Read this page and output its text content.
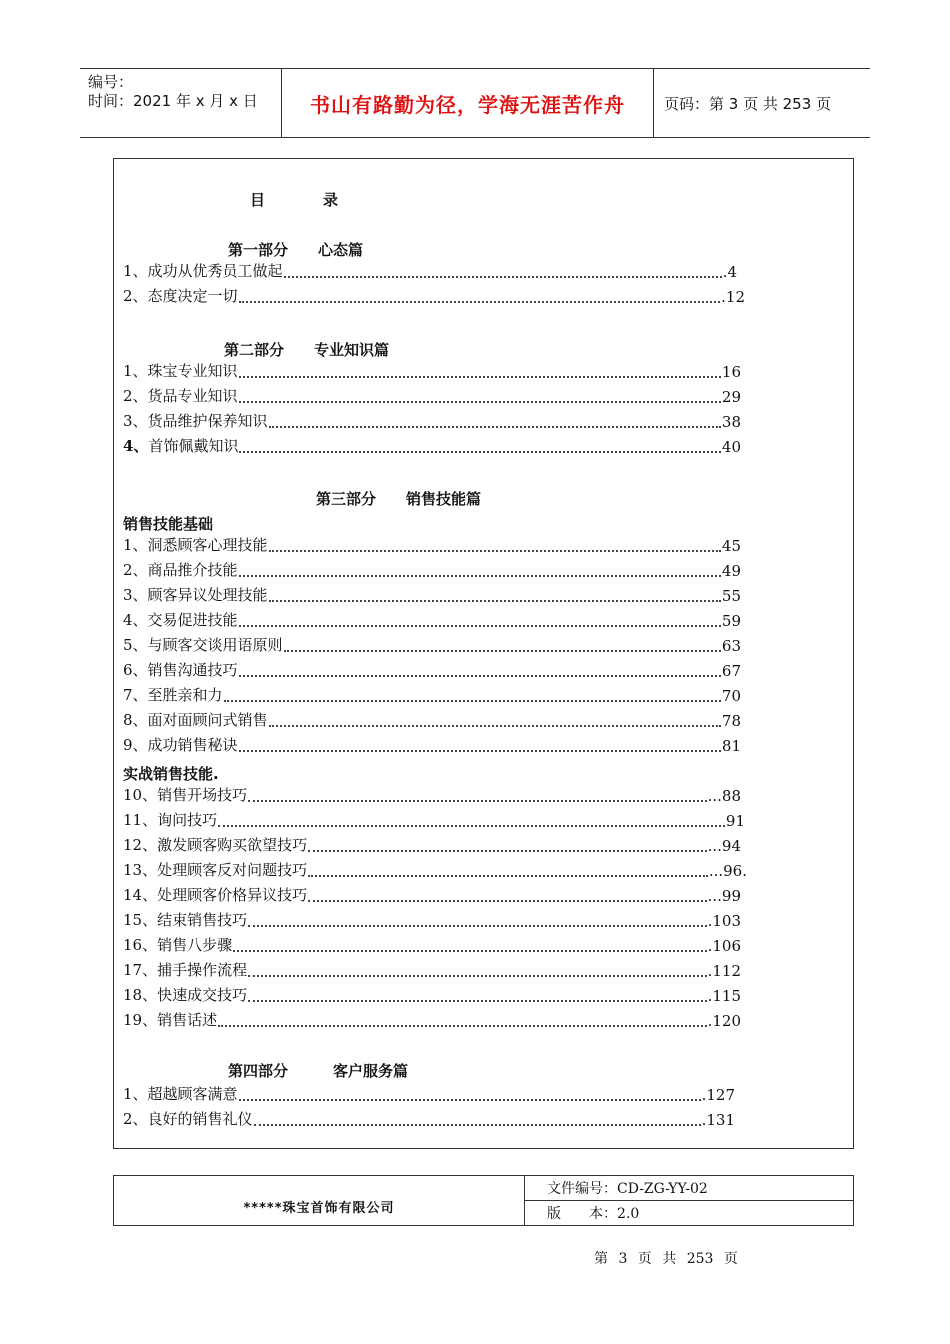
编号：
时间：2021 年 x 月 x 日	书山有路勤为径，学海无涯苦作舟	页码：第 3 页 共 253 页
目	录
第一部分　　心态篇
1、 成功从优秀员工做起	.4
2、 态度决定一切	.12
第二部分　　专业知识篇
1、 珠宝专业知识	16
2、 货品专业知识	29
3、 货品维护保养知识	38
4、 首饰佩戴知识	40
第三部分　　销售技能篇
销售技能基础
1、 洞悉顾客心理技能	45
2、 商品推介技能	49
3、 顾客异议处理技能	55
4、 交易促进技能	59
5、 与顾客交谈用语原则	63
6、 销售沟通技巧	67
7、 至胜亲和力	70
8、 面对面顾问式销售	78
9、 成功销售秘诀	81
实战销售技能.
10、 销售开场技巧	...88
11、 询问技巧	91
12、 激发顾客购买欲望技巧	...94
13、 处理顾客反对问题技巧	...96.
14、 处理顾客价格异议技巧	...99
15、 结束销售技巧	.103
16、 销售八步骤	.106
17、 捕手操作流程	.112
18、 快速成交技巧	.115
19、 销售话述	.120
第四部分　　　客户服务篇
1、 超越顾客满意	.127
2、 良好的销售礼仪	.131
*****珠宝首饰有限公司
文件编号：CD-ZG-YY-02
版　　本：2.0
第 3 页 共 253 页
